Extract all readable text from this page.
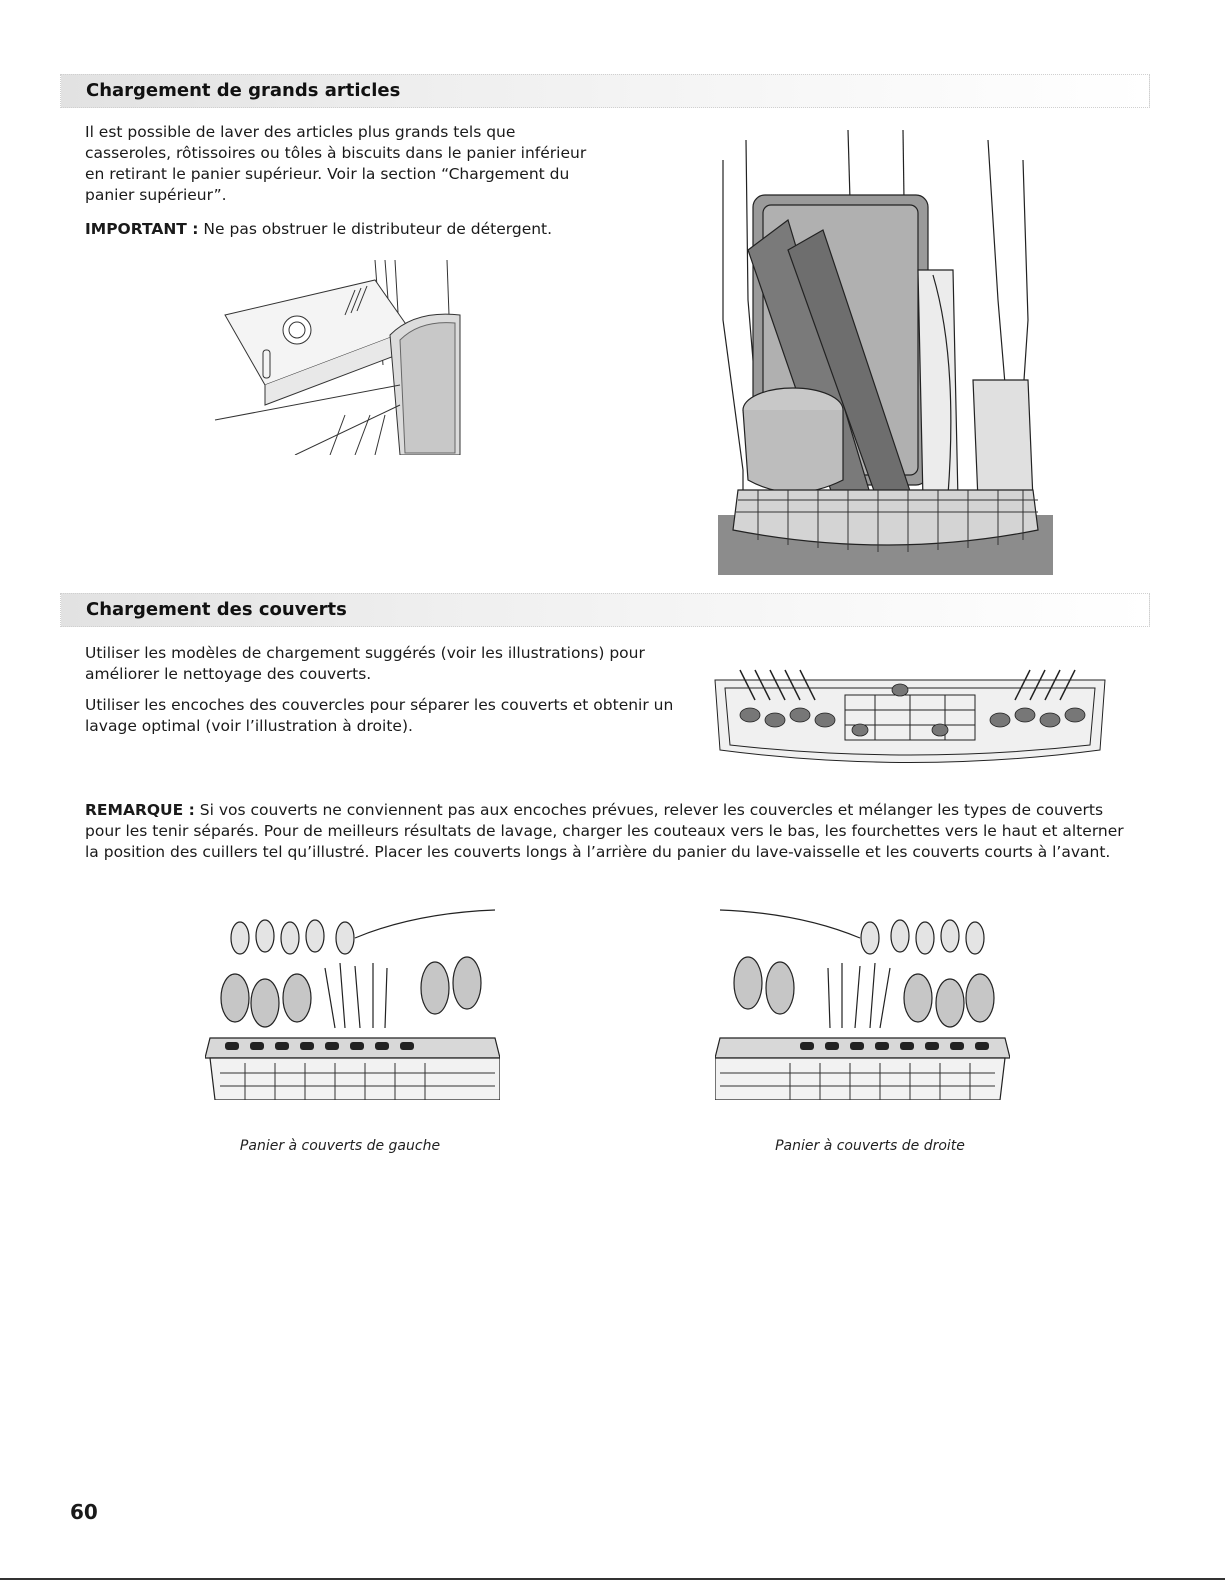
Chargement de grands articles

Il est possible de laver des articles plus grands tels que casseroles, rôtissoires ou tôles à biscuits dans le panier inférieur en retirant le panier supérieur. Voir la section “Chargement du panier supérieur”.

IMPORTANT : Ne pas obstruer le distributeur de détergent.

Chargement des couverts

Utiliser les modèles de chargement suggérés (voir les illustrations) pour améliorer le nettoyage des couverts.

Utiliser les encoches des couvercles pour séparer les couverts et obtenir un lavage optimal (voir l’illustration à droite).

REMARQUE : Si vos couverts ne conviennent pas aux encoches prévues, relever les couvercles et mélanger les types de couverts pour les tenir séparés. Pour de meilleurs résultats de lavage, charger les couteaux vers le bas, les fourchettes vers le haut et alterner la position des cuillers tel qu’illustré. Placer les couverts longs à l’arrière du panier du lave-vaisselle et les couverts courts à l’avant.

Panier à couverts de gauche	Panier à couverts de droite

60
